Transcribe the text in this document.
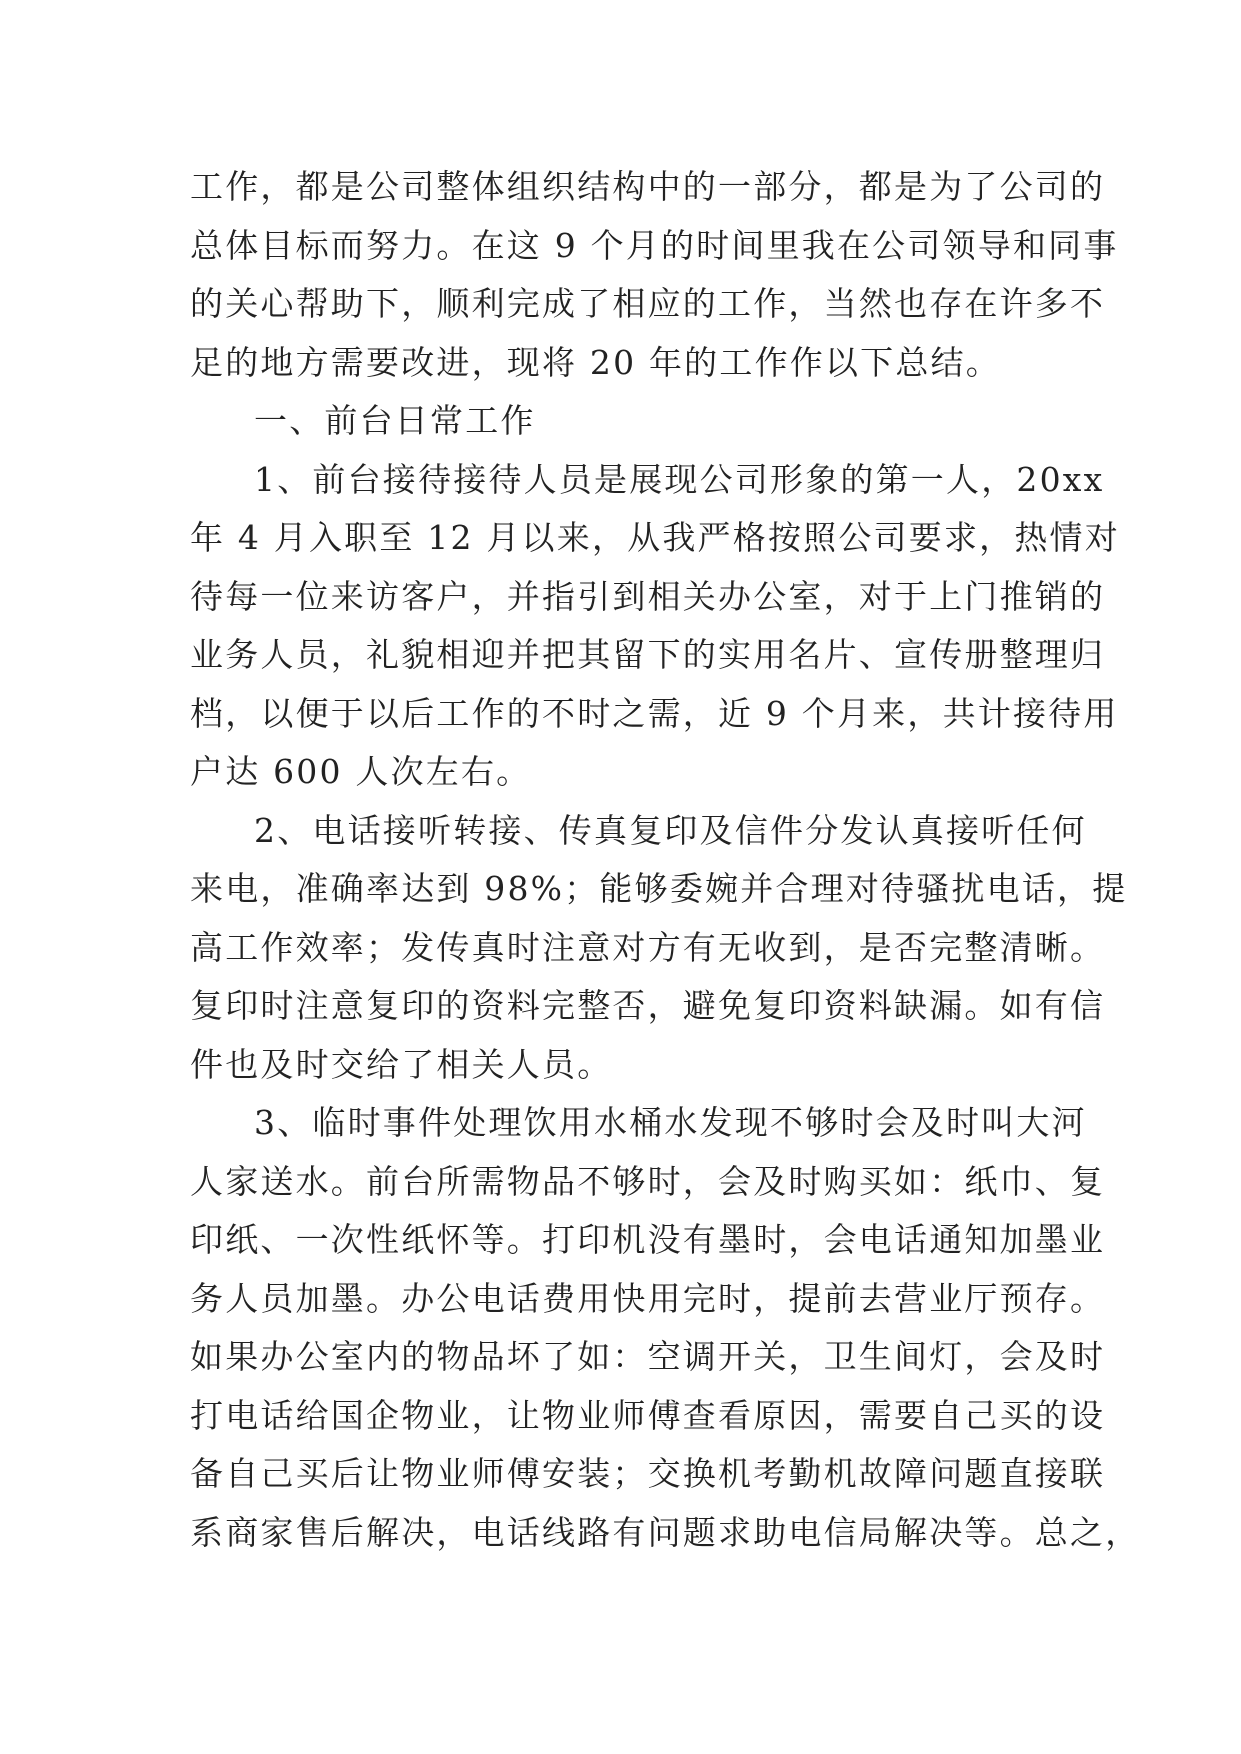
工作，都是公司整体组织结构中的一部分，都是为了公司的
总体目标而努力。在这 9 个月的时间里我在公司领导和同事
的关心帮助下，顺利完成了相应的工作，当然也存在许多不
足的地方需要改进，现将 20 年的工作作以下总结。
一、前台日常工作
1、前台接待接待人员是展现公司形象的第一人，20xx
年 4 月入职至 12 月以来，从我严格按照公司要求，热情对
待每一位来访客户，并指引到相关办公室，对于上门推销的
业务人员，礼貌相迎并把其留下的实用名片、宣传册整理归
档，以便于以后工作的不时之需，近 9 个月来，共计接待用
户达 600 人次左右。
2、电话接听转接、传真复印及信件分发认真接听任何
来电，准确率达到 98%；能够委婉并合理对待骚扰电话，提
高工作效率；发传真时注意对方有无收到，是否完整清晰。
复印时注意复印的资料完整否，避免复印资料缺漏。如有信
件也及时交给了相关人员。
3、临时事件处理饮用水桶水发现不够时会及时叫大河
人家送水。前台所需物品不够时，会及时购买如：纸巾、复
印纸、一次性纸怀等。打印机没有墨时，会电话通知加墨业
务人员加墨。办公电话费用快用完时，提前去营业厅预存。
如果办公室内的物品坏了如：空调开关，卫生间灯，会及时
打电话给国企物业，让物业师傅查看原因，需要自己买的设
备自己买后让物业师傅安装；交换机考勤机故障问题直接联
系商家售后解决，电话线路有问题求助电信局解决等。总之，
